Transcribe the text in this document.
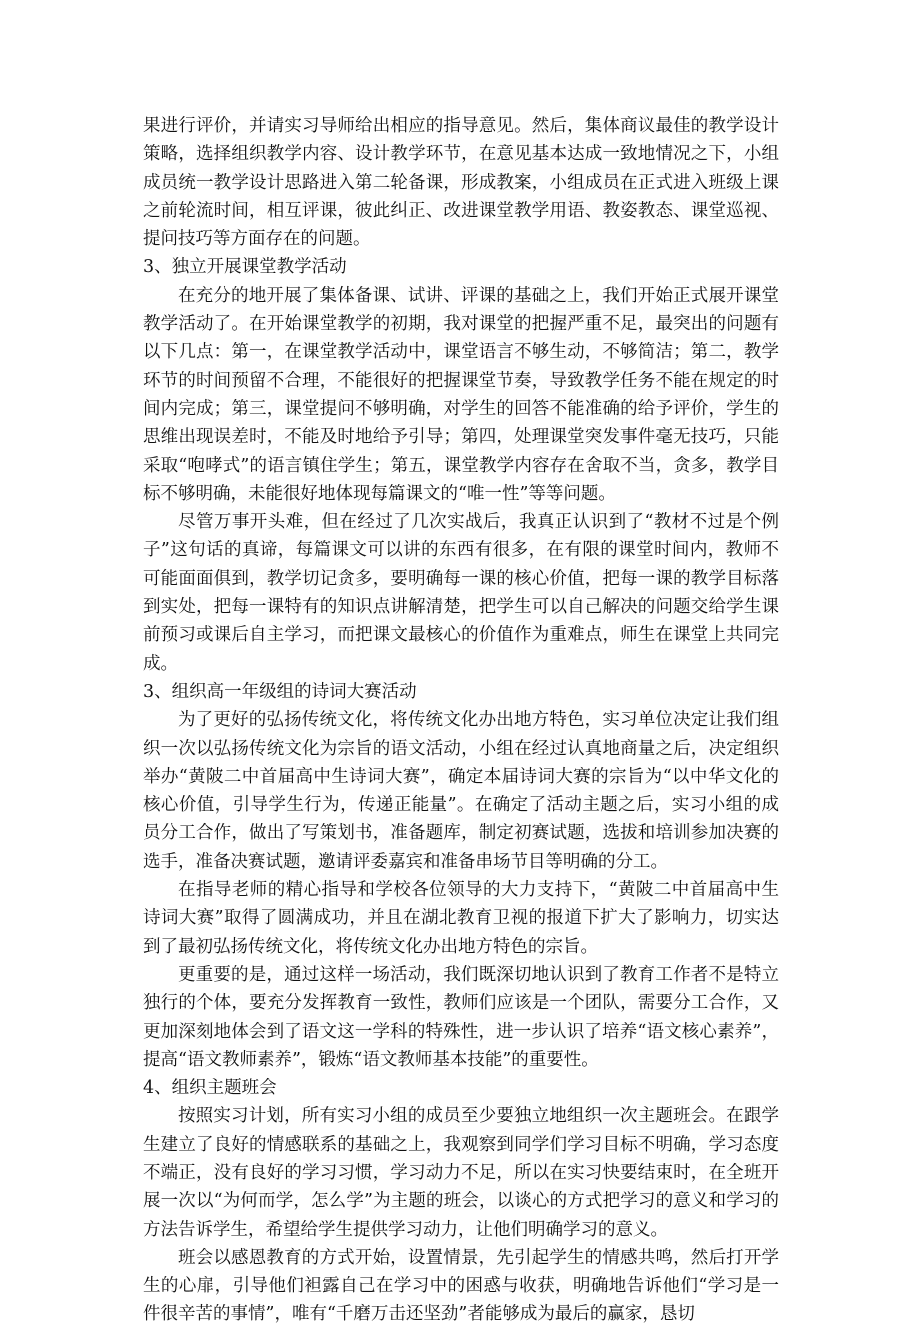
果进行评价，并请实习导师给出相应的指导意见。然后，集体商议最佳的教学设计策略，选择组织教学内容、设计教学环节，在意见基本达成一致地情况之下，小组成员统一教学设计思路进入第二轮备课，形成教案，小组成员在正式进入班级上课之前轮流时间，相互评课，彼此纠正、改进课堂教学用语、教姿教态、课堂巡视、提问技巧等方面存在的问题。

3、独立开展课堂教学活动

在充分的地开展了集体备课、试讲、评课的基础之上，我们开始正式展开课堂教学活动了。在开始课堂教学的初期，我对课堂的把握严重不足，最突出的问题有以下几点：第一，在课堂教学活动中，课堂语言不够生动，不够简洁；第二，教学环节的时间预留不合理，不能很好的把握课堂节奏，导致教学任务不能在规定的时间内完成；第三，课堂提问不够明确，对学生的回答不能准确的给予评价，学生的思维出现误差时，不能及时地给予引导；第四，处理课堂突发事件毫无技巧，只能采取“咆哮式”的语言镇住学生；第五，课堂教学内容存在舍取不当，贪多，教学目标不够明确，未能很好地体现每篇课文的“唯一性”等等问题。

尽管万事开头难，但在经过了几次实战后，我真正认识到了“教材不过是个例子”这句话的真谛，每篇课文可以讲的东西有很多，在有限的课堂时间内，教师不可能面面俱到，教学切记贪多，要明确每一课的核心价值，把每一课的教学目标落到实处，把每一课特有的知识点讲解清楚，把学生可以自己解决的问题交给学生课前预习或课后自主学习，而把课文最核心的价值作为重难点，师生在课堂上共同完成。

3、组织高一年级组的诗词大赛活动

为了更好的弘扬传统文化，将传统文化办出地方特色，实习单位决定让我们组织一次以弘扬传统文化为宗旨的语文活动，小组在经过认真地商量之后，决定组织举办“黄陂二中首届高中生诗词大赛”，确定本届诗词大赛的宗旨为“以中华文化的核心价值，引导学生行为，传递正能量”。在确定了活动主题之后，实习小组的成员分工合作，做出了写策划书，准备题库，制定初赛试题，选拔和培训参加决赛的选手，准备决赛试题，邀请评委嘉宾和准备串场节目等明确的分工。

在指导老师的精心指导和学校各位领导的大力支持下，“黄陂二中首届高中生诗词大赛”取得了圆满成功，并且在湖北教育卫视的报道下扩大了影响力，切实达到了最初弘扬传统文化，将传统文化办出地方特色的宗旨。

更重要的是，通过这样一场活动，我们既深切地认识到了教育工作者不是特立独行的个体，要充分发挥教育一致性，教师们应该是一个团队，需要分工合作，又更加深刻地体会到了语文这一学科的特殊性，进一步认识了培养“语文核心素养”，提高“语文教师素养”，锻炼“语文教师基本技能”的重要性。

4、组织主题班会

按照实习计划，所有实习小组的成员至少要独立地组织一次主题班会。在跟学生建立了良好的情感联系的基础之上，我观察到同学们学习目标不明确，学习态度不端正，没有良好的学习习惯，学习动力不足，所以在实习快要结束时，在全班开展一次以“为何而学，怎么学”为主题的班会，以谈心的方式把学习的意义和学习的方法告诉学生，希望给学生提供学习动力，让他们明确学习的意义。

班会以感恩教育的方式开始，设置情景，先引起学生的情感共鸣，然后打开学生的心扉，引导他们袒露自己在学习中的困惑与收获，明确地告诉他们“学习是一件很辛苦的事情”，唯有“千磨万击还坚劲”者能够成为最后的赢家，恳切
